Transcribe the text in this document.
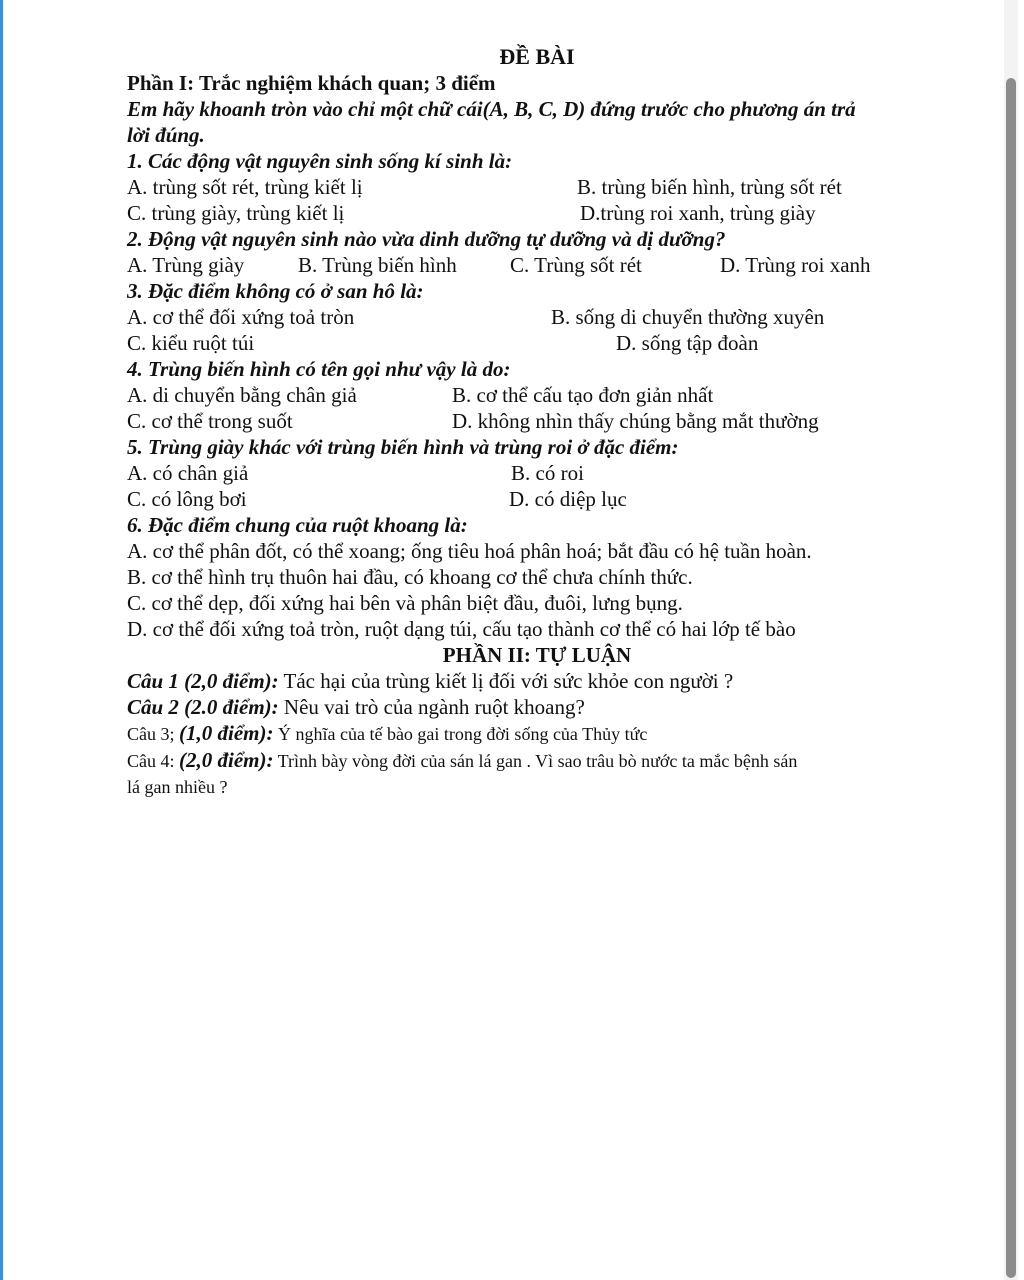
ĐỀ BÀI
Phần I: Trắc nghiệm khách quan; 3 điểm
Em hãy khoanh tròn vào chỉ một chữ cái(A, B, C, D) đứng trước cho phương án trả
lời đúng.
1. Các động vật nguyên sinh sống kí sinh là:
A. trùng sốt rét, trùng kiết lị	B. trùng biến hình, trùng sốt rét
C. trùng giày, trùng kiết lị	D.trùng roi xanh, trùng giày
2. Động vật nguyên sinh nào vừa dinh dưỡng tự dưỡng và dị dưỡng?
A. Trùng giày	B. Trùng biến hình	C. Trùng sốt rét	D. Trùng roi xanh
3. Đặc điểm không có ở san hô là:
A. cơ thể đối xứng toả tròn	B. sống di chuyển thường xuyên
C. kiểu ruột túi	D. sống tập đoàn
4. Trùng biến hình có tên gọi như vậy là do:
A. di chuyển bằng chân giả	B. cơ thể cấu tạo đơn giản nhất
C. cơ thể trong suốt	D. không nhìn thấy chúng bằng mắt thường
5. Trùng giày khác với trùng biến hình và trùng roi ở đặc điểm:
A. có chân giả	B. có roi
C. có lông bơi	D. có diệp lục
6. Đặc điểm chung của ruột khoang là:
A. cơ thể phân đốt, có thể xoang; ống tiêu hoá phân hoá; bắt đầu có hệ tuần hoàn.
B. cơ thể hình trụ thuôn hai đầu, có khoang cơ thể chưa chính thức.
C. cơ thể dẹp, đối xứng hai bên và phân biệt đầu, đuôi, lưng bụng.
D. cơ thể đối xứng toả tròn, ruột dạng túi, cấu tạo thành cơ thể có hai lớp tế bào
PHẦN II: TỰ LUẬN
Câu 1 (2,0 điểm): Tác hại của trùng kiết lị đối với sức khỏe con người ?
Câu 2 (2.0 điểm): Nêu vai trò của ngành ruột khoang?
Câu 3; (1,0 điểm): Ý nghĩa của tế bào gai trong đời sống của Thủy tức
Câu 4: (2,0 điểm): Trình bày vòng đời của sán lá gan . Vì sao trâu bò nước ta mắc bệnh sán
lá gan nhiều ?
